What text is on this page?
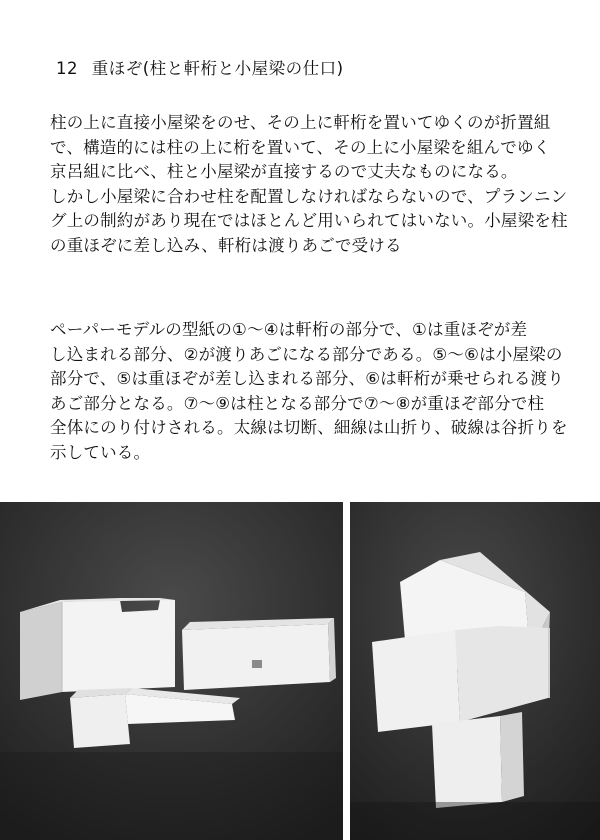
12 重ほぞ(柱と軒桁と小屋梁の仕口)
柱の上に直接小屋梁をのせ、その上に軒桁を置いてゆくのが折置組
で、構造的には柱の上に桁を置いて、その上に小屋梁を組んでゆく
京呂組に比べ、柱と小屋梁が直接するので丈夫なものになる。
しかし小屋梁に合わせ柱を配置しなければならないので、プランニン
グ上の制約があり現在ではほとんど用いられてはいない。小屋梁を柱
の重ほぞに差し込み、軒桁は渡りあごで受ける
ペーパーモデルの型紙の①～④は軒桁の部分で、①は重ほぞが差
し込まれる部分、②が渡りあごになる部分である。⑤～⑥は小屋梁の
部分で、⑤は重ほぞが差し込まれる部分、⑥は軒桁が乗せられる渡り
あご部分となる。⑦～⑨は柱となる部分で⑦～⑧が重ほぞ部分で柱
全体にのり付けされる。太線は切断、細線は山折り、破線は谷折りを
示している。
